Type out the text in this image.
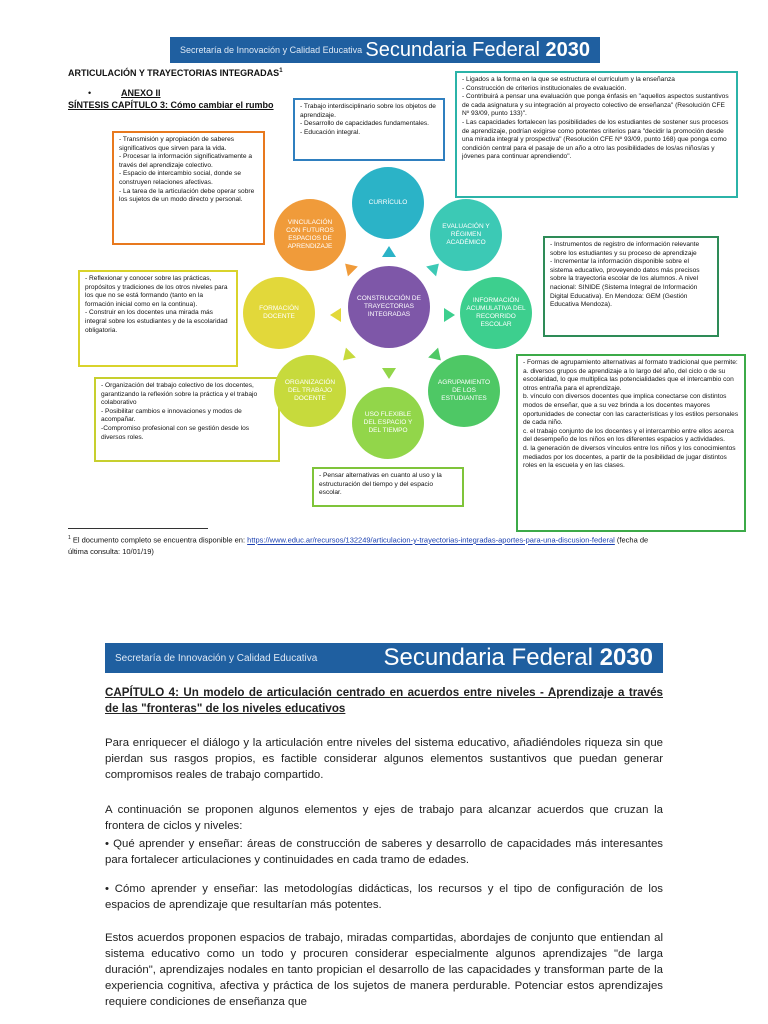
Secretaría de Innovación y Calidad Educativa Secundaria Federal 2030
ARTICULACIÓN Y TRAYECTORIAS INTEGRADAS$^1$
•	ANEXO II
SÍNTESIS CAPÍTULO 3: Cómo cambiar el rumbo	- Trabajo interdisciplinario sobre los objetos de aprendizaje.
- Desarrollo de capacidades fundamentales.
- Educación integral.
- Ligados a la forma en la que se estructura el currículum y la enseñanza
- Construcción de criterios institucionales de evaluación.
- Contribuirá a pensar una evaluación que ponga énfasis en "aquellos aspectos sustantivos de cada asignatura y su integración al proyecto colectivo de enseñanza" (Resolución CFE Nº 93/09, punto 133)".
- Las capacidades fortalecen las posibilidades de los estudiantes de sostener sus procesos de aprendizaje, podrían exigirse como potentes criterios para "decidir la promoción desde una mirada integral y prospectiva" (Resolución CFE Nº 93/09, punto 168) que ponga como condición central para el pasaje de un año a otro las posibilidades de los/as niños/as y jóvenes para continuar aprendiendo".
- Transmisión y apropiación de saberes significativos que sirven para la vida.
- Procesar la información significativamente a través del aprendizaje colectivo.
- Espacio de intercambio social, donde se construyen relaciones afectivas.
- La tarea de la articulación debe operar sobre los sujetos de un modo directo y personal.
- Reflexionar y conocer sobre las prácticas, propósitos y tradiciones de los otros niveles para los que no se está formando (tanto en la formación inicial como en la continua).
- Construir en los docentes una mirada más integral sobre los estudiantes y de la escolaridad obligatoria.
- Instrumentos de registro de información relevante sobre los estudiantes y su proceso de aprendizaje
- Incrementar la información disponible sobre el sistema educativo, proveyendo datos más precisos sobre la trayectoria escolar de los alumnos. A nivel nacional: SINIDE (Sistema Integral de Información Digital Educativa). En Mendoza: GEM (Gestión Educativa Mendoza).
- Organización del trabajo colectivo de los docentes, garantizando la reflexión sobre la práctica y el trabajo colaborativo
- Posibilitar cambios e innovaciones y modos de acompañar.
-Compromiso profesional con se gestión desde los diversos roles.
- Pensar alternativas en cuanto al uso y la estructuración del tiempo y del espacio escolar.
- Formas de agrupamiento alternativas al formato tradicional que permite:
a. diversos grupos de aprendizaje a lo largo del año, del ciclo o de su escolaridad, lo que multiplica las potencialidades que el intercambio con otros entraña para el aprendizaje.
b. vínculo con diversos docentes que implica conectarse con distintos modos de enseñar, que a su vez brinda a los docentes mayores oportunidades de conectar con las características y los estilos personales de cada niño.
c. el trabajo conjunto de los docentes y el intercambio entre ellos acerca del desempeño de los niños en los diferentes espacios y actividades.
d. la generación de diversos vínculos entre los niños y los conocimientos mediados por los docentes, a partir de la posibilidad de jugar distintos roles en la escuela y en las clases.
CONSTRUCCIÓN DE TRAYECTORIAS INTEGRADAS
CURRÍCULO
EVALUACIÓN Y RÉGIMEN ACADÉMICO
INFORMACIÓN ACUMULATIVA DEL RECORRIDO ESCOLAR
AGRUPAMIENTO DE LOS ESTUDIANTES
USO FLEXIBLE DEL ESPACIO Y DEL TIEMPO
ORGANIZACIÓN DEL TRABAJO DOCENTE
FORMACIÓN DOCENTE
VINCULACIÓN CON FUTUROS ESPACIOS DE APRENDIZAJE
$^1$ El documento completo se encuentra disponible en: https://www.educ.ar/recursos/132249/articulacion-y-trayectorias-integradas-aportes-para-una-discusion-federal (fecha de última consulta: 10/01/19)
Secretaría de Innovación y Calidad Educativa	Secundaria Federal 2030
CAPÍTULO 4: Un modelo de articulación centrado en acuerdos entre niveles - Aprendizaje a través de las "fronteras" de los niveles educativos
Para enriquecer el diálogo y la articulación entre niveles del sistema educativo, añadiéndoles riqueza sin que pierdan sus rasgos propios, es factible considerar algunos elementos sustantivos que puedan generar compromisos reales de trabajo compartido.
A continuación se proponen algunos elementos y ejes de trabajo para alcanzar acuerdos que cruzan la frontera de ciclos y niveles:
• Qué aprender y enseñar: áreas de construcción de saberes y desarrollo de capacidades más interesantes para fortalecer articulaciones y continuidades en cada tramo de edades.
• Cómo aprender y enseñar: las metodologías didácticas, los recursos y el tipo de configuración de los espacios de aprendizaje que resultarían más potentes.
Estos acuerdos proponen espacios de trabajo, miradas compartidas, abordajes de conjunto que entiendan al sistema educativo como un todo y procuren considerar especialmente algunos aprendizajes "de larga duración", aprendizajes nodales en tanto propician el desarrollo de las capacidades y transforman parte de la experiencia cognitiva, afectiva y práctica de los sujetos de manera perdurable. Potenciar estos aprendizajes requiere condiciones de enseñanza que
